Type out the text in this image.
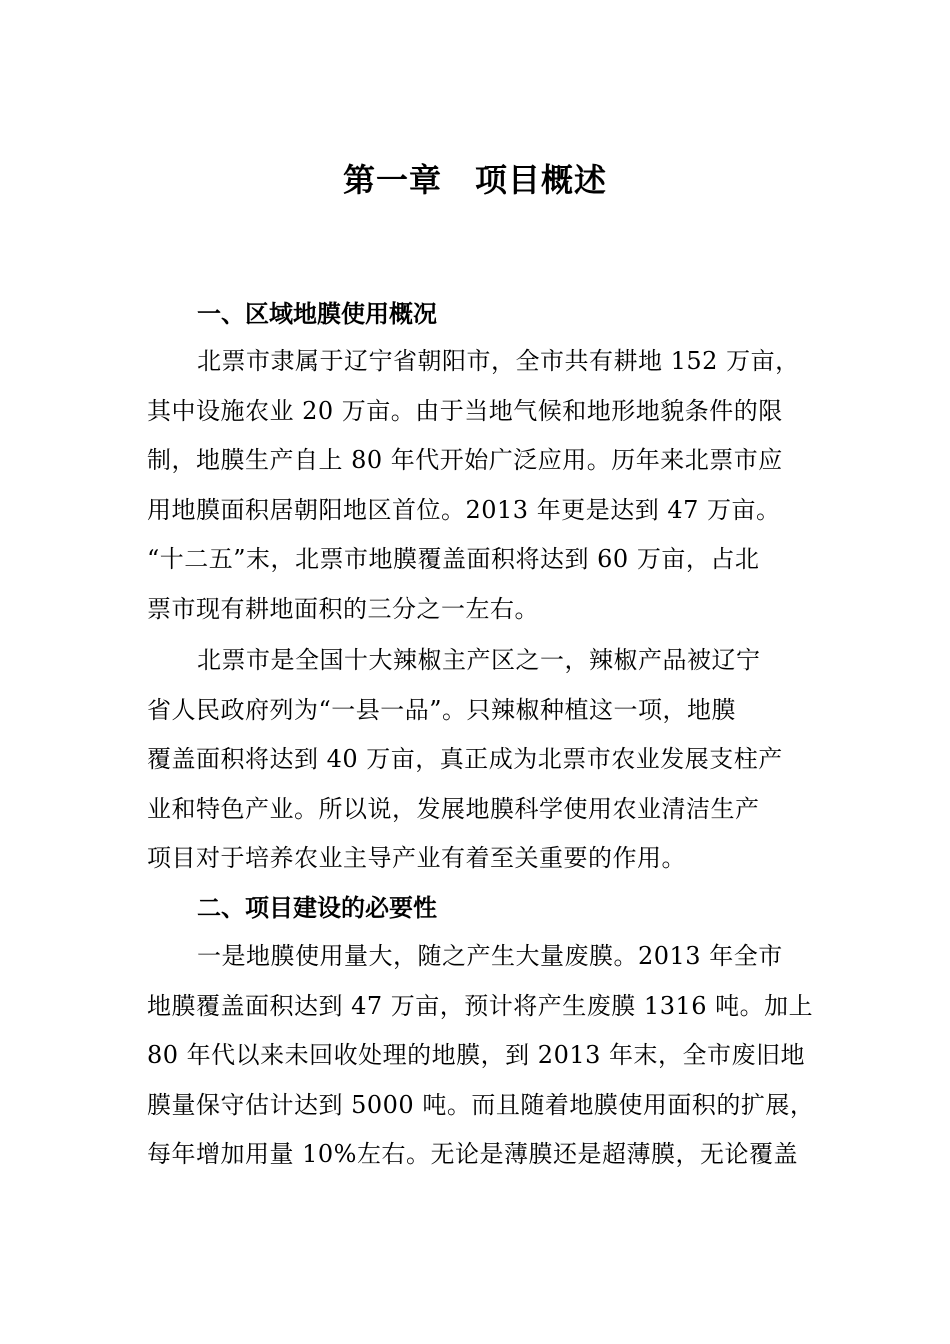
第一章　项目概述
一、区域地膜使用概况
北票市隶属于辽宁省朝阳市，全市共有耕地 152 万亩，
其中设施农业 20 万亩。由于当地气候和地形地貌条件的限
制，地膜生产自上 80 年代开始广泛应用。历年来北票市应
用地膜面积居朝阳地区首位。2013 年更是达到 47 万亩。
“十二五”末，北票市地膜覆盖面积将达到 60 万亩，占北
票市现有耕地面积的三分之一左右。
北票市是全国十大辣椒主产区之一，辣椒产品被辽宁
省人民政府列为“一县一品”。只辣椒种植这一项，地膜
覆盖面积将达到 40 万亩，真正成为北票市农业发展支柱产
业和特色产业。所以说，发展地膜科学使用农业清洁生产
项目对于培养农业主导产业有着至关重要的作用。
二、项目建设的必要性
一是地膜使用量大，随之产生大量废膜。2013 年全市
地膜覆盖面积达到 47 万亩，预计将产生废膜 1316 吨。加上
80 年代以来未回收处理的地膜，到 2013 年末，全市废旧地
膜量保守估计达到 5000 吨。而且随着地膜使用面积的扩展，
每年增加用量 10%左右。无论是薄膜还是超薄膜，无论覆盖
